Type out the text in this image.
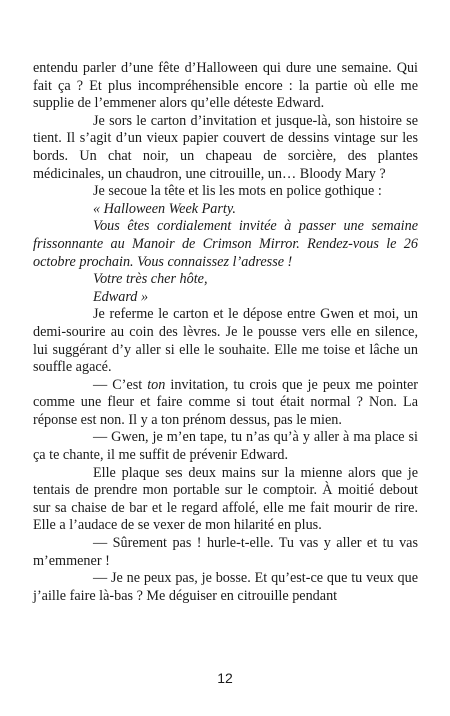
entendu parler d’une fête d’Halloween qui dure une semaine. Qui fait ça ? Et plus incompréhensible encore : la partie où elle me supplie de l’emmener alors qu’elle déteste Edward.

Je sors le carton d’invitation et jusque-là, son histoire se tient. Il s’agit d’un vieux papier couvert de dessins vintage sur les bords. Un chat noir, un chapeau de sorcière, des plantes médicinales, un chaudron, une citrouille, un… Bloody Mary ?

Je secoue la tête et lis les mots en police gothique :

« Halloween Week Party.

Vous êtes cordialement invitée à passer une semaine frissonnante au Manoir de Crimson Mirror. Rendez-vous le 26 octobre prochain. Vous connaissez l’adresse !

Votre très cher hôte,

Edward »

Je referme le carton et le dépose entre Gwen et moi, un demi-sourire au coin des lèvres. Je le pousse vers elle en silence, lui suggérant d’y aller si elle le souhaite. Elle me toise et lâche un souffle agacé.

— C’est ton invitation, tu crois que je peux me pointer comme une fleur et faire comme si tout était normal ? Non. La réponse est non. Il y a ton prénom dessus, pas le mien.

— Gwen, je m’en tape, tu n’as qu’à y aller à ma place si ça te chante, il me suffit de prévenir Edward.

Elle plaque ses deux mains sur la mienne alors que je tentais de prendre mon portable sur le comptoir. À moitié debout sur sa chaise de bar et le regard affolé, elle me fait mourir de rire. Elle a l’audace de se vexer de mon hilarité en plus.

— Sûrement pas ! hurle-t-elle. Tu vas y aller et tu vas m’emmener !

— Je ne peux pas, je bosse. Et qu’est-ce que tu veux que j’aille faire là-bas ? Me déguiser en citrouille pendant

12
